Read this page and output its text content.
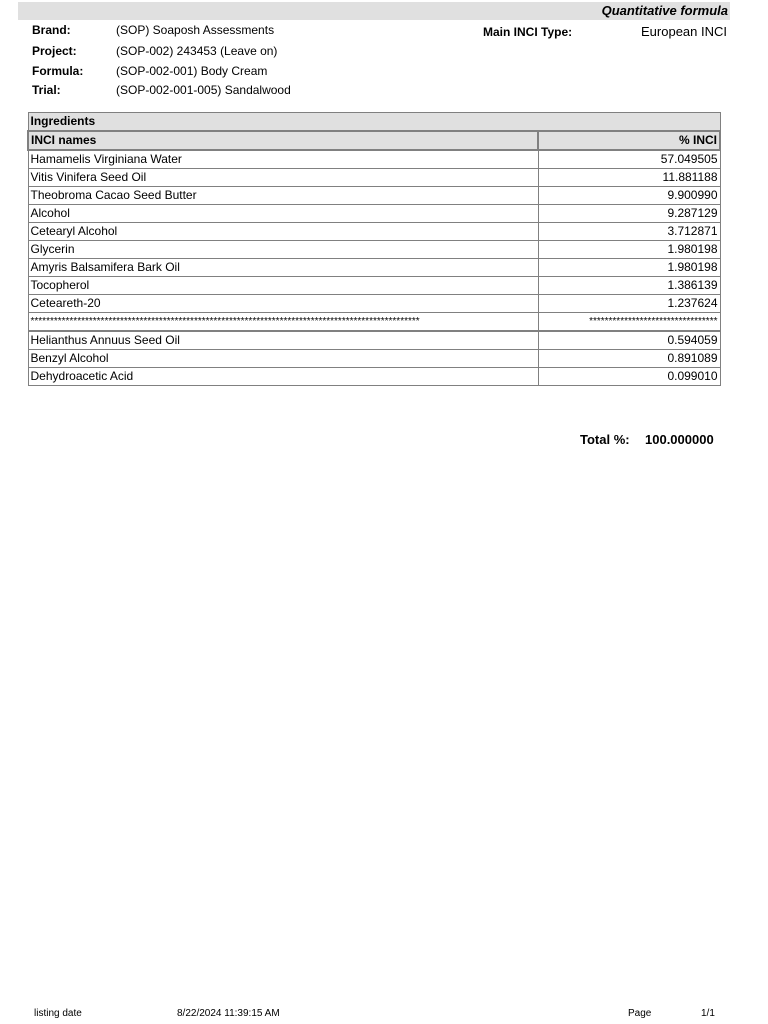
Quantitative formula
Brand:	(SOP) Soaposh Assessments
Project:	(SOP-002) 243453 (Leave on)
Formula:	(SOP-002-001) Body Cream
Trial:	(SOP-002-001-005) Sandalwood
Main INCI Type:	European INCI
Ingredients	
INCI names	% INCI
Hamamelis Virginiana Water	57.049505
Vitis Vinifera Seed Oil	11.881188
Theobroma Cacao Seed Butter	9.900990
Alcohol	9.287129
Cetearyl Alcohol	3.712871
Glycerin	1.980198
Amyris Balsamifera Bark Oil	1.980198
Tocopherol	1.386139
Ceteareth-20	1.237624
****************************************************************************************************	*********************************
Helianthus Annuus Seed Oil	0.594059
Benzyl Alcohol	0.891089
Dehydroacetic Acid	0.099010
Total %: 100.000000
listing date	8/22/2024 11:39:15 AM	Page	1/1
